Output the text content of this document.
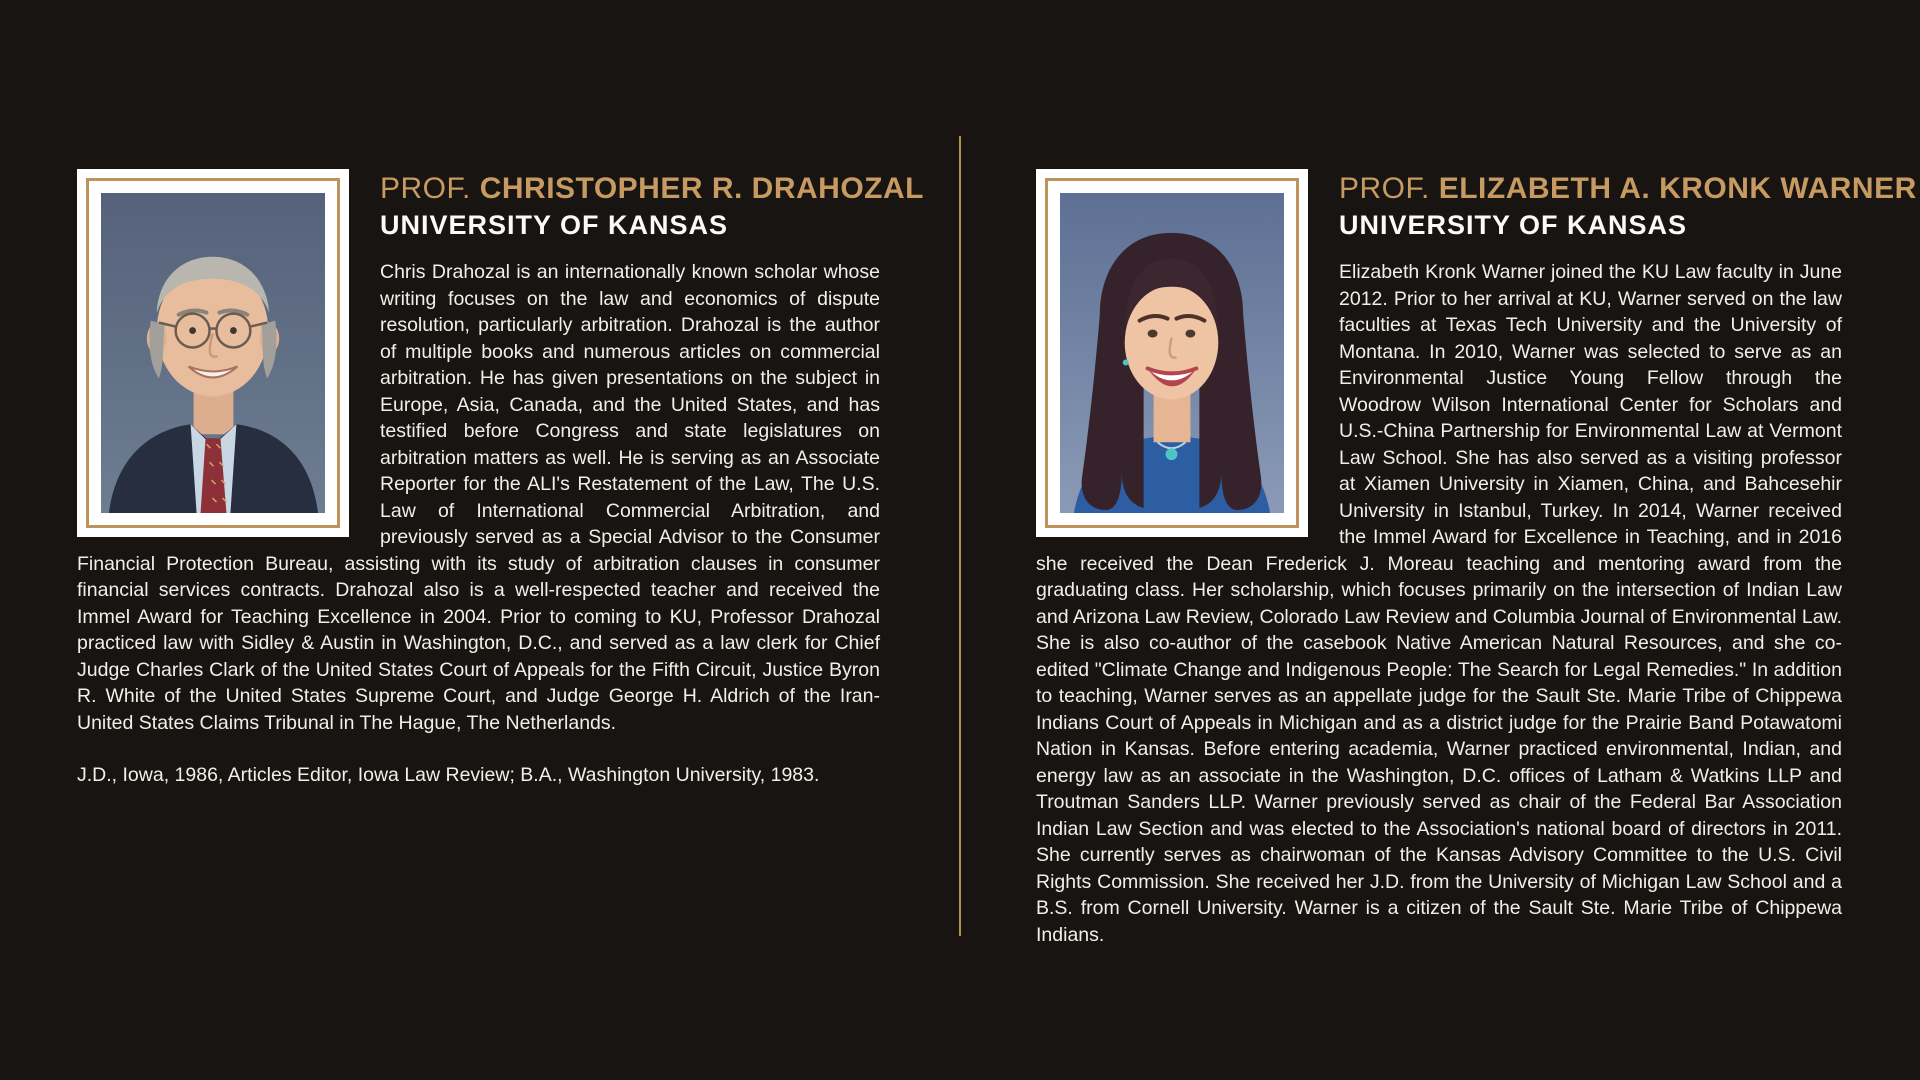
PROF. CHRISTOPHER R. DRAHOZAL
UNIVERSITY OF KANSAS

Chris Drahozal is an internationally known scholar whose writing focuses on the law and economics of dispute resolution, particularly arbitration. Drahozal is the author of multiple books and numerous articles on commercial arbitration. He has given presentations on the subject in Europe, Asia, Canada, and the United States, and has testified before Congress and state legislatures on arbitration matters as well. He is serving as an Associate Reporter for the ALI's Restatement of the Law, The U.S. Law of International Commercial Arbitration, and previously served as a Special Advisor to the Consumer Financial Protection Bureau, assisting with its study of arbitration clauses in consumer financial services contracts. Drahozal also is a well-respected teacher and received the Immel Award for Teaching Excellence in 2004. Prior to coming to KU, Professor Drahozal practiced law with Sidley & Austin in Washington, D.C., and served as a law clerk for Chief Judge Charles Clark of the United States Court of Appeals for the Fifth Circuit, Justice Byron R. White of the United States Supreme Court, and Judge George H. Aldrich of the Iran-United States Claims Tribunal in The Hague, The Netherlands.

J.D., Iowa, 1986, Articles Editor, Iowa Law Review; B.A., Washington University, 1983.

PROF. ELIZABETH A. KRONK WARNER
UNIVERSITY OF KANSAS

Elizabeth Kronk Warner joined the KU Law faculty in June 2012. Prior to her arrival at KU, Warner served on the law faculties at Texas Tech University and the University of Montana. In 2010, Warner was selected to serve as an Environmental Justice Young Fellow through the Woodrow Wilson International Center for Scholars and U.S.-China Partnership for Environmental Law at Vermont Law School. She has also served as a visiting professor at Xiamen University in Xiamen, China, and Bahcesehir University in Istanbul, Turkey. In 2014, Warner received the Immel Award for Excellence in Teaching, and in 2016 she received the Dean Frederick J. Moreau teaching and mentoring award from the graduating class. Her scholarship, which focuses primarily on the intersection of Indian Law and Arizona Law Review, Colorado Law Review and Columbia Journal of Environmental Law. She is also co-author of the casebook Native American Natural Resources, and she co-edited "Climate Change and Indigenous People: The Search for Legal Remedies." In addition to teaching, Warner serves as an appellate judge for the Sault Ste. Marie Tribe of Chippewa Indians Court of Appeals in Michigan and as a district judge for the Prairie Band Potawatomi Nation in Kansas. Before entering academia, Warner practiced environmental, Indian, and energy law as an associate in the Washington, D.C. offices of Latham & Watkins LLP and Troutman Sanders LLP. Warner previously served as chair of the Federal Bar Association Indian Law Section and was elected to the Association's national board of directors in 2011. She currently serves as chairwoman of the Kansas Advisory Committee to the U.S. Civil Rights Commission. She received her J.D. from the University of Michigan Law School and a B.S. from Cornell University. Warner is a citizen of the Sault Ste. Marie Tribe of Chippewa Indians.
